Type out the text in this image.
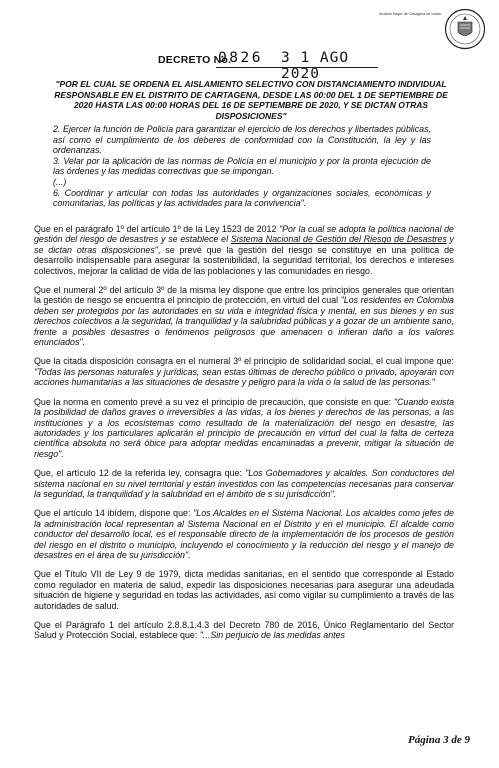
Alcaldía Mayor de Cartagena de Indias
DECRETO No.
0826 3 1 AGO 2020
"POR EL CUAL SE ORDENA EL AISLAMIENTO SELECTIVO CON DISTANCIAMIENTO INDIVIDUAL RESPONSABLE EN EL DISTRITO DE CARTAGENA, DESDE LAS 00:00 DEL 1 DE SEPTIEMBRE DE 2020 HASTA LAS 00:00 HORAS DEL 16 DE SEPTIEMBRE DE 2020, Y SE DICTAN OTRAS DISPOSICIONES"

2. Ejercer la función de Policía para garantizar el ejercicio de los derechos y libertades públicas, así como el cumplimiento de los deberes de conformidad con la Constitución, la ley y las ordenanzas.

3. Velar por la aplicación de las normas de Policía en el municipio y por la pronta ejecución de las órdenes y las medidas correctivas que se impongan.

(...)

6. Coordinar y articular con todas las autoridades y organizaciones sociales, económicas y comunitarias, las políticas y las actividades para la convivencia".

Que en el parágrafo 1º del artículo 1º de la Ley 1523 de 2012 "Por la cual se adopta la política nacional de gestión del riesgo de desastres y se establece el Sistema Nacional de Gestión del Riesgo de Desastres y se dictan otras disposiciones", se prevé que la gestión del riesgo se constituye en una política de desarrollo indispensable para asegurar la sostenibilidad, la seguridad territorial, los derechos e intereses colectivos, mejorar la calidad de vida de las poblaciones y las comunidades en riesgo.

Que el numeral 2º del artículo 3º de la misma ley dispone que entre los principios generales que orientan la gestión de riesgo se encuentra el principio de protección, en virtud del cual "Los residentes en Colombia deben ser protegidos por las autoridades en su vida e integridad física y mental, en sus bienes y en sus derechos colectivos a la seguridad, la tranquilidad y la salubridad públicas y a gozar de un ambiente sano, frente a posibles desastres o fenómenos peligrosos que amenacen o infieran daño a los valores enunciados".

Que la citada disposición consagra en el numeral 3º el principio de solidaridad social, el cual impone que: "Todas las personas naturales y jurídicas, sean estas últimas de derecho público o privado, apoyarán con acciones humanitarias a las situaciones de desastre y peligro para la vida o la salud de las personas."

Que la norma en comento prevé a su vez el principio de precaución, que consiste en que: "Cuando exista la posibilidad de daños graves o irreversibles a las vidas, a los bienes y derechos de las personas, a las instituciones y a los ecosistemas como resultado de la materialización del riesgo en desastre, las autoridades y los particulares aplicarán el principio de precaución en virtud del cual la falta de certeza científica absoluta no será óbice para adoptar medidas encaminadas a prevenir, mitigar la situación de riesgo".

Que, el artículo 12 de la referida ley, consagra que: "Los Gobernadores y alcaldes. Son conductores del sistema nacional en su nivel territorial y están investidos con las competencias necesarias para conservar la seguridad, la tranquilidad y la salubridad en el ámbito de s su jurisdicción".

Que el artículo 14 ibídem, dispone que: "Los Alcaldes en el Sistema Nacional. Los alcaldes como jefes de la administración local representan al Sistema Nacional en el Distrito y en el municipio. El alcalde como conductor del desarrollo local, es el responsable directo de la implementación de los procesos de gestión del riesgo en el distrito o municipio, incluyendo el conocimiento y la reducción del riesgo y el manejo de desastres en el área de su jurisdicción".

Que el Título VII de Ley 9 de 1979, dicta medidas sanitarias, en el sentido que corresponde al Estado como regulador en materia de salud, expedir las disposiciones necesarias para asegurar una adeudada situación de higiene y seguridad en todas las actividades, así como vigilar su cumplimiento a través de las autoridades de salud.

Que el Parágrafo 1 del artículo 2.8.8.1.4.3 del Decreto 780 de 2016, Único Reglamentario del Sector Salud y Protección Social, establece que: "...Sin perjuicio de las medidas antes

Página 3 de 9
